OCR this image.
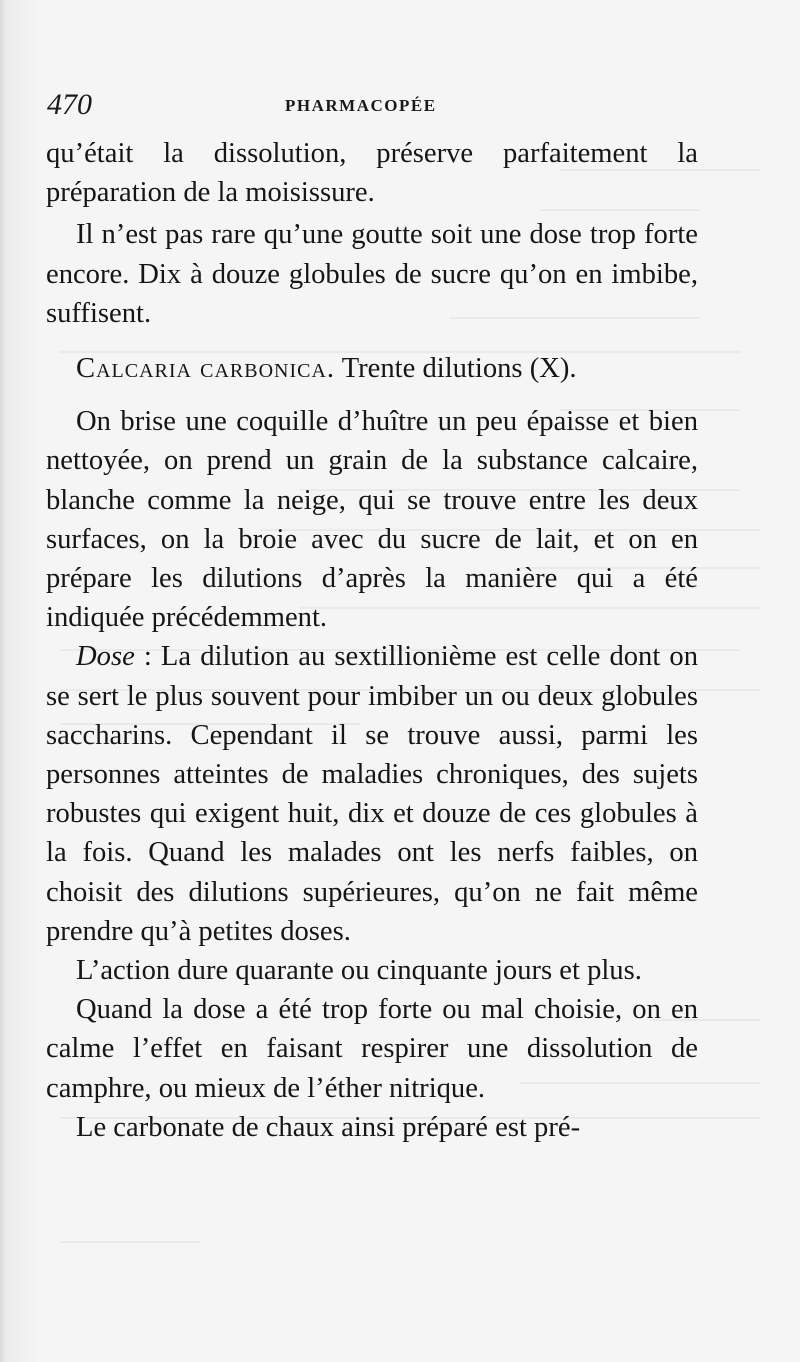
470	PHARMACOPÉE

qu’était la dissolution, préserve parfaitement la préparation de la moisissure.

Il n’est pas rare qu’une goutte soit une dose trop forte encore. Dix à douze globules de sucre qu’on en imbibe, suffisent.

Calcaria carbonica. Trente dilutions (X).

On brise une coquille d’huître un peu épaisse et bien nettoyée, on prend un grain de la substance calcaire, blanche comme la neige, qui se trouve entre les deux surfaces, on la broie avec du sucre de lait, et on en prépare les dilutions d’après la manière qui a été indiquée précédemment.

Dose : La dilution au sextillionième est celle dont on se sert le plus souvent pour imbiber un ou deux globules saccharins. Cependant il se trouve aussi, parmi les personnes atteintes de maladies chroniques, des sujets robustes qui exigent huit, dix et douze de ces globules à la fois. Quand les malades ont les nerfs faibles, on choisit des dilutions supérieures, qu’on ne fait même prendre qu’à petites doses.

L’action dure quarante ou cinquante jours et plus.

Quand la dose a été trop forte ou mal choisie, on en calme l’effet en faisant respirer une dissolution de camphre, ou mieux de l’éther nitrique.

Le carbonate de chaux ainsi préparé est pré-
